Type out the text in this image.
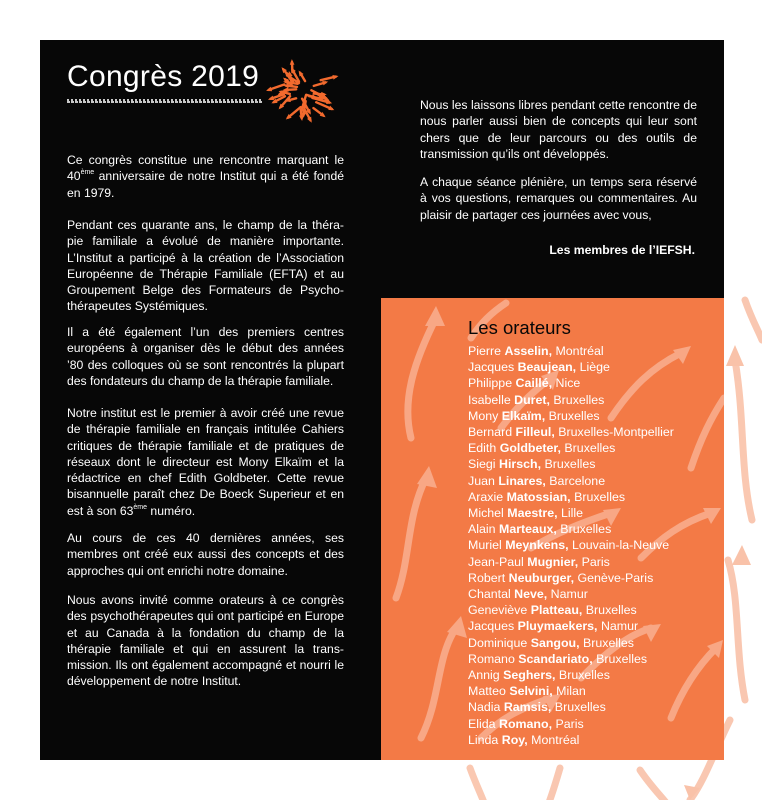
Congrès 2019
Ce congrès constitue une rencontre marquant le 40ème anniversaire de notre Institut qui a été fondé en 1979.
Pendant ces quarante ans, le champ de la théra-pie familiale a évolué de manière importante. L’Institut a participé à la création de l’Association Européenne de Thérapie Familiale (EFTA) et au Groupement Belge des Formateurs de Psycho-thérapeutes Systémiques.
Il a été également l’un des premiers centres européens à organiser dès le début des années ’80 des colloques où se sont rencontrés la plupart des fondateurs du champ de la thérapie familiale.
Notre institut est le premier à avoir créé une revue de thérapie familiale en français intitulée Cahiers critiques de thérapie familiale et de pratiques de réseaux dont le directeur est Mony Elkaïm et la rédactrice en chef Edith Goldbeter. Cette revue bisannuelle paraît chez De Boeck Superieur et en est à son 63ème numéro.
Au cours de ces 40 dernières années, ses membres ont créé eux aussi des concepts et des approches qui ont enrichi notre domaine.
Nous avons invité comme orateurs à ce congrès des psychothérapeutes qui ont participé en Europe et au Canada à la fondation du champ de la thérapie familiale et qui en assurent la trans-mission. Ils ont également accompagné et nourri le développement de notre Institut.
Nous les laissons libres pendant cette rencontre de nous parler aussi bien de concepts qui leur sont chers que de leur parcours ou des outils de transmission qu’ils ont développés.
A chaque séance plénière, un temps sera réservé à vos questions, remarques ou commentaires. Au plaisir de partager ces journées avec vous,
Les membres de l’IEFSH.
Les orateurs
Pierre Asselin, Montréal
Jacques Beaujean, Liège
Philippe Caillé, Nice
Isabelle Duret, Bruxelles
Mony Elkaïm, Bruxelles
Bernard Filleul, Bruxelles-Montpellier
Edith Goldbeter, Bruxelles
Siegi Hirsch, Bruxelles
Juan Linares, Barcelone
Araxie Matossian, Bruxelles
Michel Maestre, Lille
Alain Marteaux, Bruxelles
Muriel Meynkens, Louvain-la-Neuve
Jean-Paul Mugnier, Paris
Robert Neuburger, Genève-Paris
Chantal Neve, Namur
Geneviève Platteau, Bruxelles
Jacques Pluymaekers, Namur
Dominique Sangou, Bruxelles
Romano Scandariato, Bruxelles
Annig Seghers, Bruxelles
Matteo Selvini, Milan
Nadia Ramsis, Bruxelles
Elida Romano, Paris
Linda Roy, Montréal
